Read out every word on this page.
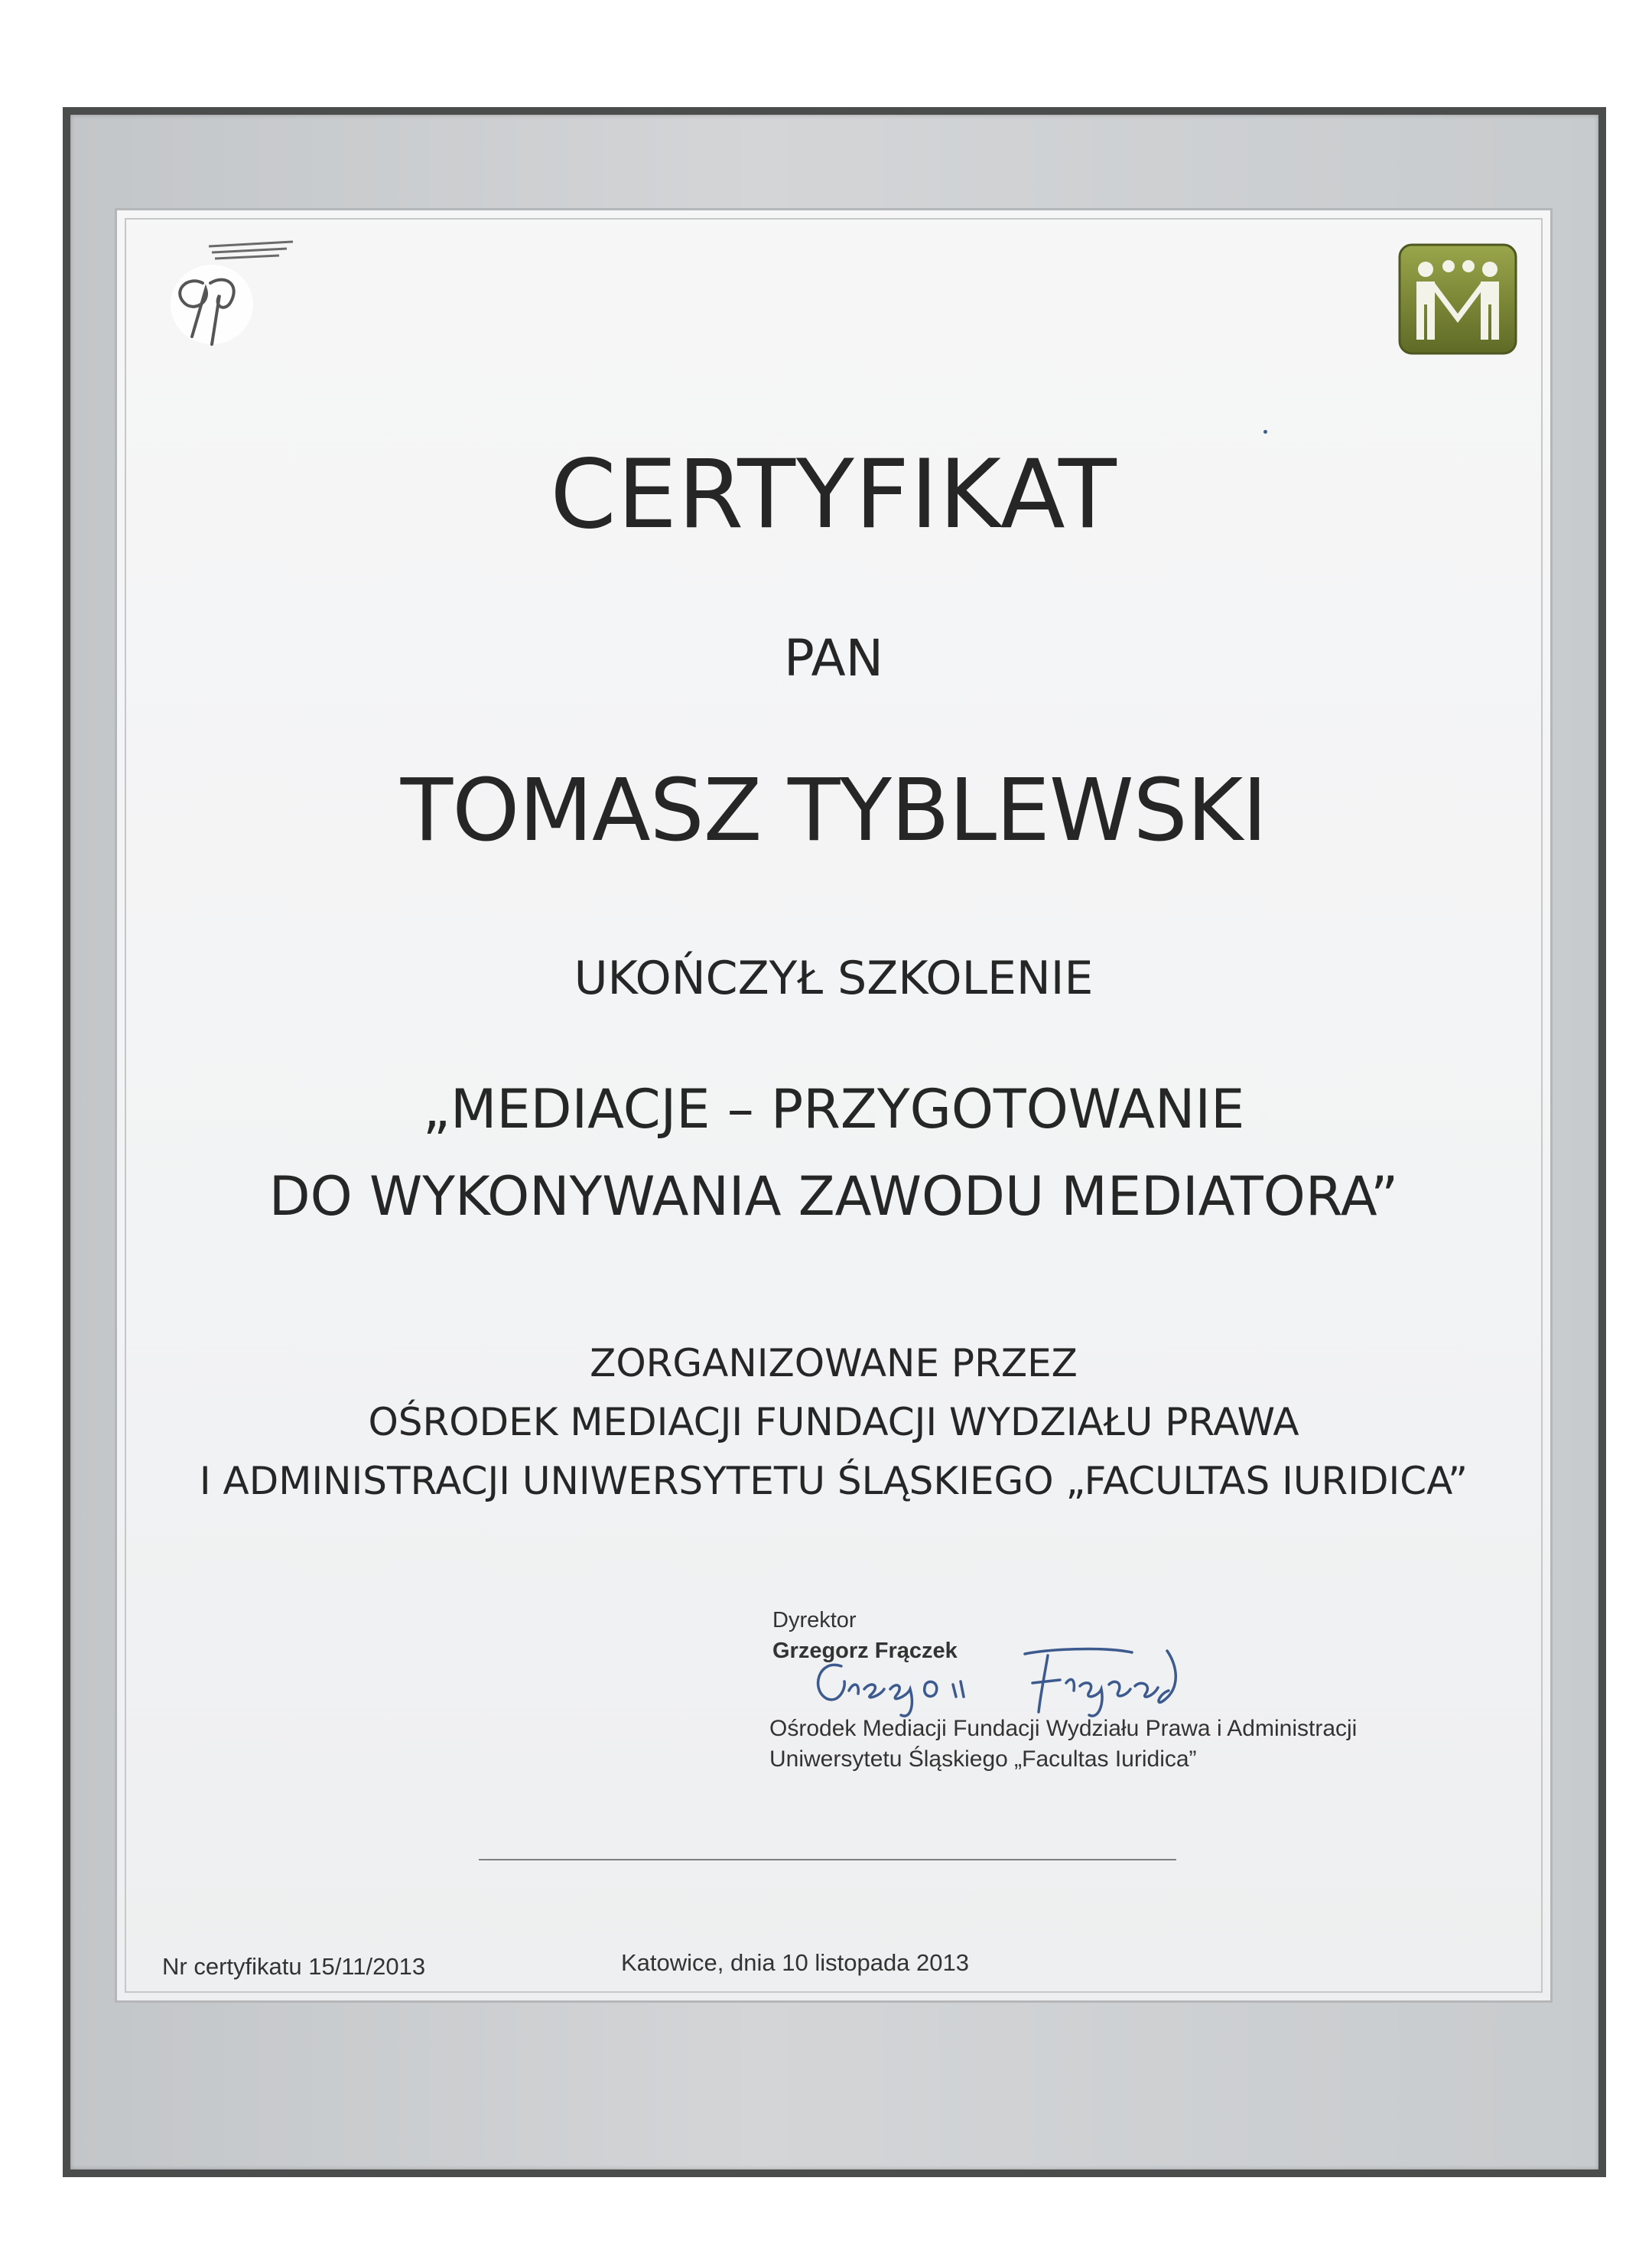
CERTYFIKAT
PAN
TOMASZ TYBLEWSKI
UKOŃCZYŁ SZKOLENIE
„MEDIACJE – PRZYGOTOWANIE
DO WYKONYWANIA ZAWODU MEDIATORA”
ZORGANIZOWANE PRZEZ
OŚRODEK MEDIACJI FUNDACJI WYDZIAŁU PRAWA
I ADMINISTRACJI UNIWERSYTETU ŚLĄSKIEGO „FACULTAS IURIDICA”
Dyrektor
Grzegorz Frączek
Ośrodek Mediacji Fundacji Wydziału Prawa i Administracji
Uniwersytetu Śląskiego „Facultas Iuridica”
Nr certyfikatu 15/11/2013	Katowice, dnia 10 listopada 2013
